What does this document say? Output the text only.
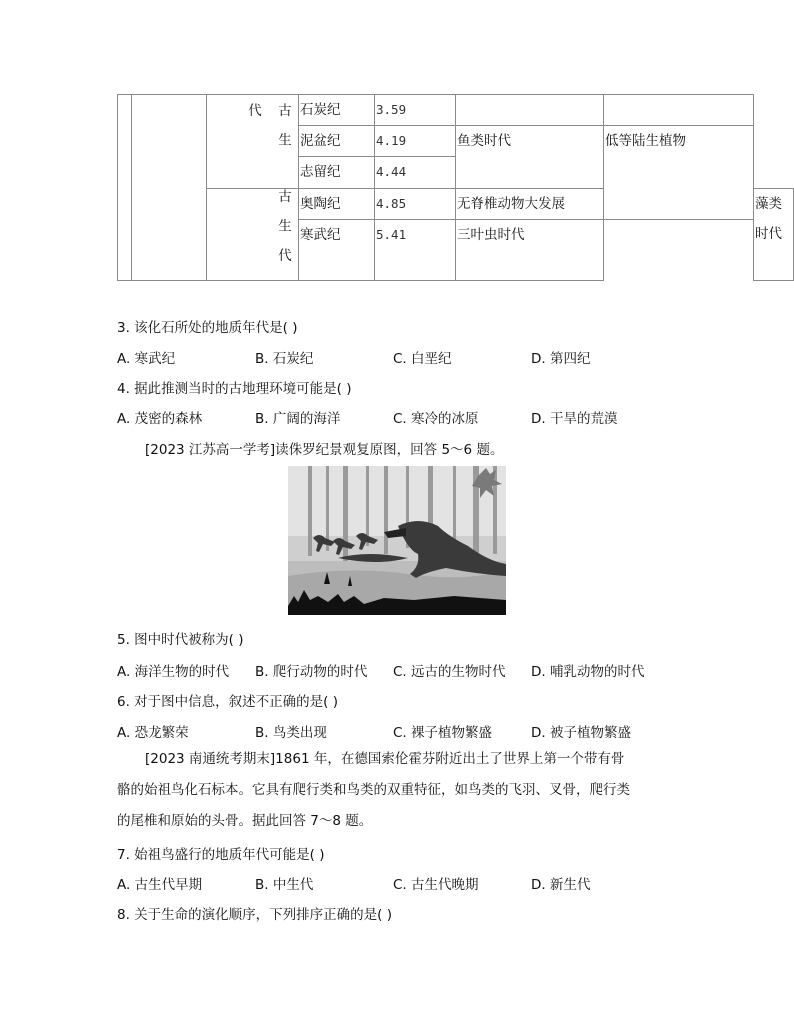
		古生代	石炭纪	3.59			
			泥盆纪	4.19	鱼类时代	低等陆生植物	
			志留纪	4.44			
		古生代	奥陶纪	4.85	无脊椎动物大发展		藻类时代
			寒武纪	5.41	三叶虫时代		
3. 该化石所处的地质年代是( )
A. 寒武纪	B. 石炭纪	C. 白垩纪	D. 第四纪
4. 据此推测当时的古地理环境可能是( )
A. 茂密的森林	B. 广阔的海洋	C. 寒冷的冰原	D. 干旱的荒漠
[2023 江苏高一学考]读侏罗纪景观复原图，回答 5～6 题。
5. 图中时代被称为( )
A. 海洋生物的时代 B. 爬行动物的时代 C. 远古的生物时代 D. 哺乳动物的时代
6. 对于图中信息，叙述不正确的是( )
A. 恐龙繁荣	B. 鸟类出现	C. 裸子植物繁盛	D. 被子植物繁盛
[2023 南通统考期末]1861 年，在德国索伦霍芬附近出土了世界上第一个带有骨骼的始祖鸟化石标本。它具有爬行类和鸟类的双重特征，如鸟类的飞羽、叉骨，爬行类的尾椎和原始的头骨。据此回答 7～8 题。
7. 始祖鸟盛行的地质年代可能是( )
A. 古生代早期	B. 中生代	C. 古生代晚期	D. 新生代
8. 关于生命的演化顺序，下列排序正确的是( )
